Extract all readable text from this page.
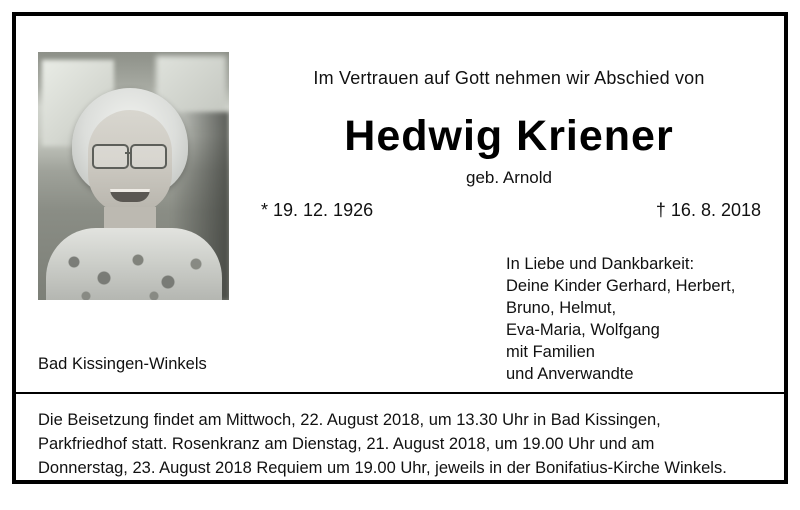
Im Vertrauen auf Gott nehmen wir Abschied von
Hedwig Kriener
geb. Arnold
* 19. 12. 1926	† 16. 8. 2018
In Liebe und Dankbarkeit:
Deine Kinder Gerhard, Herbert,
Bruno, Helmut,
Eva-Maria, Wolfgang
mit Familien
und Anverwandte
Bad Kissingen-Winkels
Die Beisetzung findet am Mittwoch, 22. August 2018, um 13.30 Uhr in Bad Kissingen,
Parkfriedhof statt. Rosenkranz am Dienstag, 21. August 2018, um 19.00 Uhr und am
Donnerstag, 23. August 2018 Requiem um 19.00 Uhr, jeweils in der Bonifatius-Kirche Winkels.
